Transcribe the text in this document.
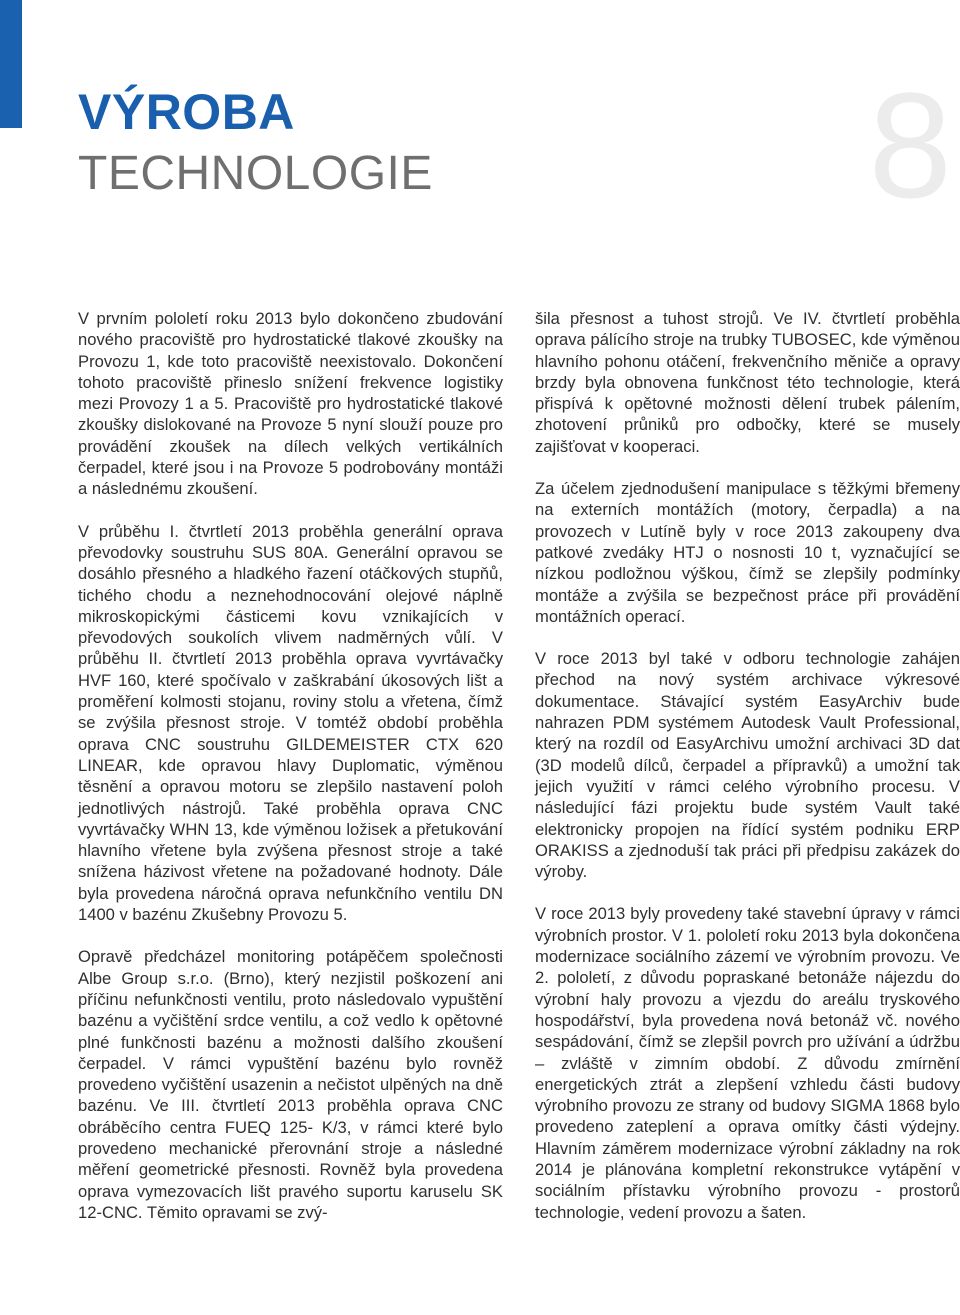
VÝROBA
TECHNOLOGIE	8

V prvním pololetí roku 2013 bylo dokončeno zbudování nového pracoviště pro hydrostatické tlakové zkoušky na Provozu 1, kde toto pracoviště neexistovalo. Dokončení tohoto pracoviště přineslo snížení frekvence logistiky mezi Provozy 1 a 5. Pracoviště pro hydrostatické tlakové zkoušky dislokované na Provoze 5 nyní slouží pouze pro provádění zkoušek na dílech velkých vertikálních čerpadel, které jsou i na Provoze 5 podrobovány montáži a následnému zkoušení.

V průběhu I. čtvrtletí 2013 proběhla generální oprava převodovky soustruhu SUS 80A. Generální opravou se dosáhlo přesného a hladkého řazení otáčkových stupňů, tichého chodu a neznehodnocování olejové náplně mikroskopickými částicemi kovu vznikajících v převodových soukolích vlivem nadměrných vůlí. V průběhu II. čtvrtletí 2013 proběhla oprava vyvrtávačky HVF 160, které spočívalo v zaškrabání úkosových lišt a proměření kolmosti stojanu, roviny stolu a vřetena, čímž se zvýšila přesnost stroje. V tomtéž období proběhla oprava CNC soustruhu GILDEMEISTER CTX 620 LINEAR, kde opravou hlavy Duplomatic, výměnou těsnění a opravou motoru se zlepšilo nastavení poloh jednotlivých nástrojů. Také proběhla oprava CNC vyvrtávačky WHN 13, kde výměnou ložisek a přetukování hlavního vřetene byla zvýšena přesnost stroje a také snížena házivost vřetene na požadované hodnoty. Dále byla provedena náročná oprava nefunkčního ventilu DN 1400 v bazénu Zkušebny Provozu 5.

Opravě předcházel monitoring potápěčem společnosti Albe Group s.r.o. (Brno), který nezjistil poškození ani příčinu nefunkčnosti ventilu, proto následovalo vypuštění bazénu a vyčištění srdce ventilu, a což vedlo k opětovné plné funkčnosti bazénu a možnosti dalšího zkoušení čerpadel. V rámci vypuštění bazénu bylo rovněž provedeno vyčištění usazenin a nečistot ulpěných na dně bazénu. Ve III. čtvrtletí 2013 proběhla oprava CNC obráběcího centra FUEQ 125- K/3, v rámci které bylo provedeno mechanické přerovnání stroje a následné měření geometrické přesnosti. Rovněž byla provedena oprava vymezovacích lišt pravého suportu karuselu SK 12-CNC. Těmito opravami se zvý-

šila přesnost a tuhost strojů. Ve IV. čtvrtletí proběhla oprava pálícího stroje na trubky TUBOSEC, kde výměnou hlavního pohonu otáčení, frekvenčního měniče a opravy brzdy byla obnovena funkčnost této technologie, která přispívá k opětovné možnosti dělení trubek pálením, zhotovení průniků pro odbočky, které se musely zajišťovat v kooperaci.

Za účelem zjednodušení manipulace s těžkými břemeny na externích montážích (motory, čerpadla) a na provozech v Lutíně byly v roce 2013 zakoupeny dva patkové zvedáky HTJ o nosnosti 10 t, vyznačující se nízkou podložnou výškou, čímž se zlepšily podmínky montáže a zvýšila se bezpečnost práce při provádění montážních operací.

V roce 2013 byl také v odboru technologie zahájen přechod na nový systém archivace výkresové dokumentace. Stávající systém EasyArchiv bude nahrazen PDM systémem Autodesk Vault Professional, který na rozdíl od EasyArchivu umožní archivaci 3D dat (3D modelů dílců, čerpadel a přípravků) a umožní tak jejich využití v rámci celého výrobního procesu. V následující fázi projektu bude systém Vault také elektronicky propojen na řídící systém podniku ERP ORAKISS a zjednoduší tak práci při předpisu zakázek do výroby.

V roce 2013 byly provedeny také stavební úpravy v rámci výrobních prostor. V 1. pololetí roku 2013 byla dokončena modernizace sociálního zázemí ve výrobním provozu. Ve 2. pololetí, z důvodu popraskané betonáže nájezdu do výrobní haly provozu a vjezdu do areálu tryskového hospodářství, byla provedena nová betonáž vč. nového sespádování, čímž se zlepšil povrch pro užívání a údržbu – zvláště v zimním období. Z důvodu zmírnění energetických ztrát a zlepšení vzhledu části budovy výrobního provozu ze strany od budovy SIGMA 1868 bylo provedeno zateplení a oprava omítky části výdejny. Hlavním záměrem modernizace výrobní základny na rok 2014 je plánována kompletní rekonstrukce vytápění v sociálním přístavku výrobního provozu - prostorů technologie, vedení provozu a šaten.
